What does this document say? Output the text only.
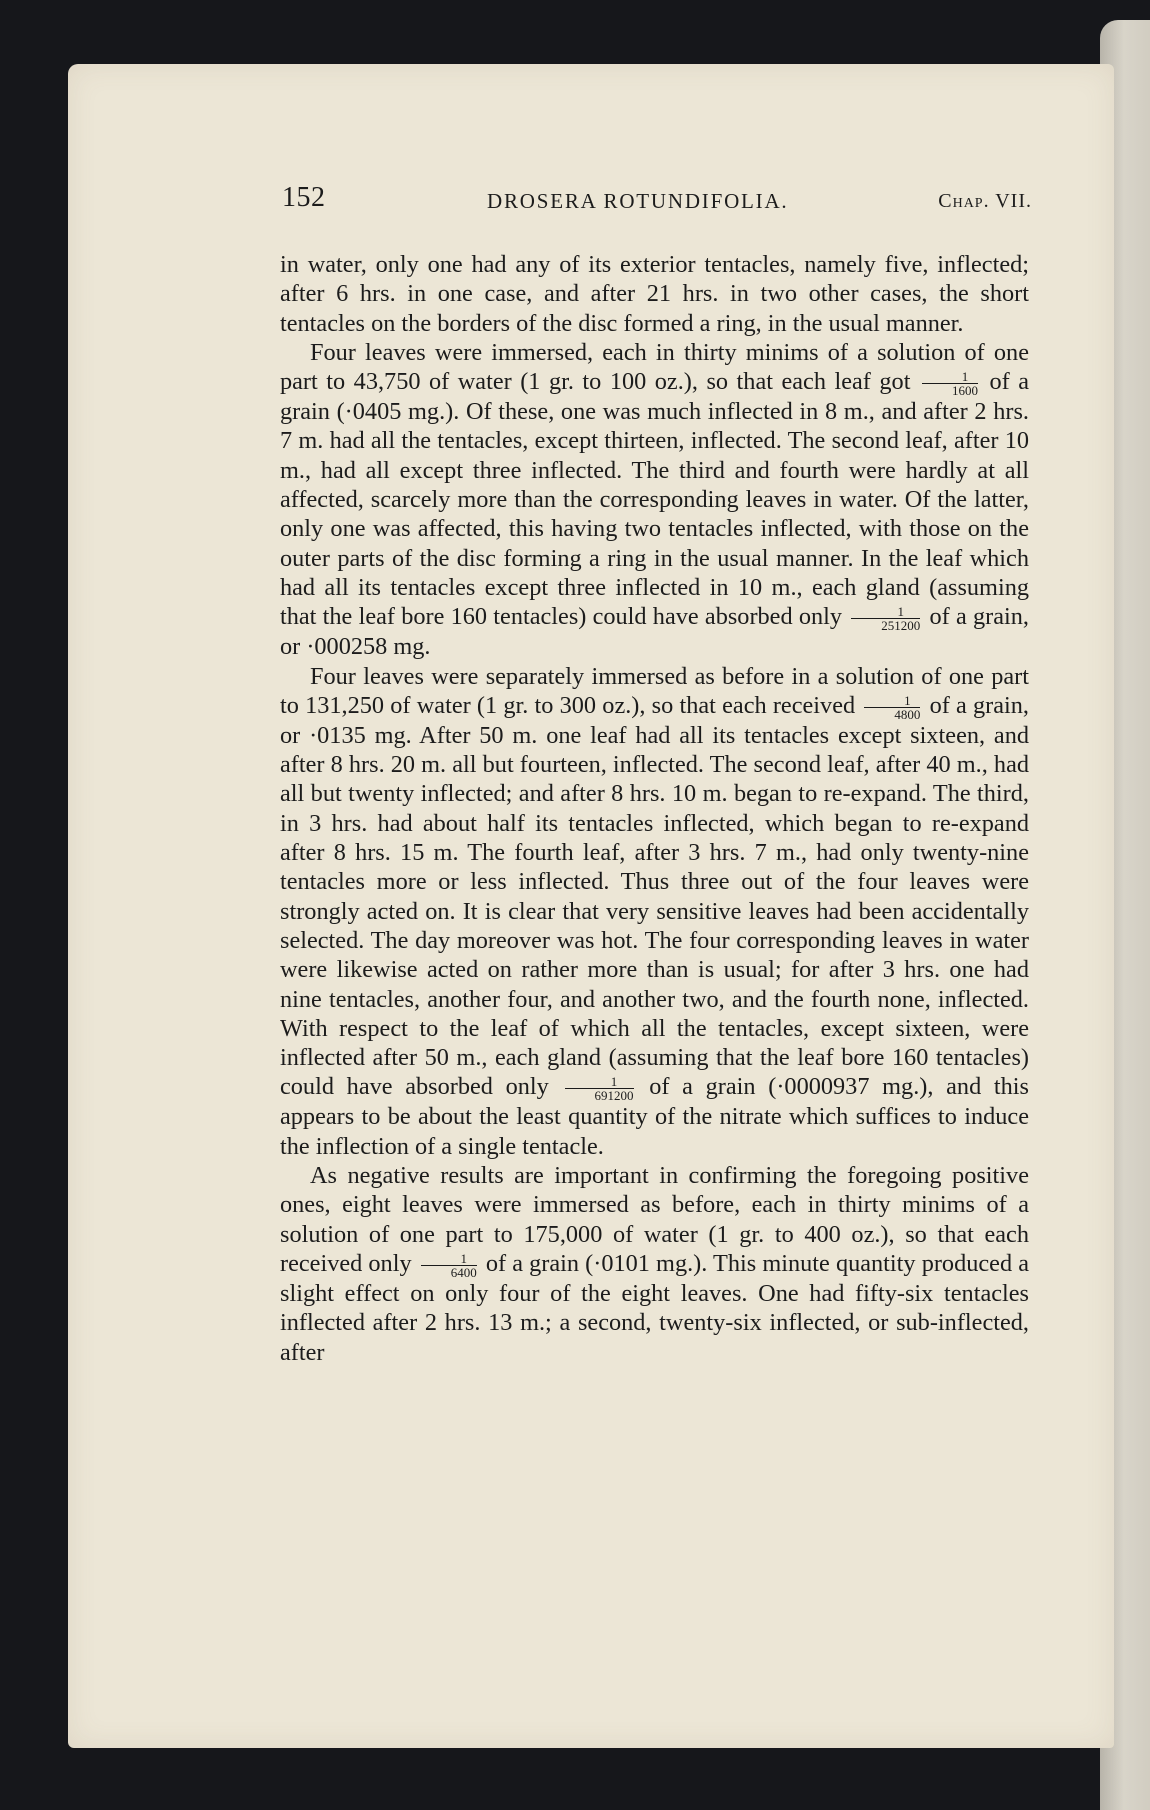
152	DROSERA ROTUNDIFOLIA.	Chap. VII.

in water, only one had any of its exterior tentacles, namely five, inflected; after 6 hrs. in one case, and after 21 hrs. in two other cases, the short tentacles on the borders of the disc formed a ring, in the usual manner.

Four leaves were immersed, each in thirty minims of a solution of one part to 43,750 of water (1 gr. to 100 oz.), so that each leaf got $\frac{1}{1600}$ of a grain (·0405 mg.). Of these, one was much inflected in 8 m., and after 2 hrs. 7 m. had all the tentacles, except thirteen, inflected. The second leaf, after 10 m., had all except three inflected. The third and fourth were hardly at all affected, scarcely more than the corresponding leaves in water. Of the latter, only one was affected, this having two tentacles inflected, with those on the outer parts of the disc forming a ring in the usual manner. In the leaf which had all its tentacles except three inflected in 10 m., each gland (assuming that the leaf bore 160 tentacles) could have absorbed only $\frac{1}{251200}$ of a grain, or ·000258 mg.

Four leaves were separately immersed as before in a solution of one part to 131,250 of water (1 gr. to 300 oz.), so that each received $\frac{1}{4800}$ of a grain, or ·0135 mg. After 50 m. one leaf had all its tentacles except sixteen, and after 8 hrs. 20 m. all but fourteen, inflected. The second leaf, after 40 m., had all but twenty inflected; and after 8 hrs. 10 m. began to re-expand. The third, in 3 hrs. had about half its tentacles inflected, which began to re-expand after 8 hrs. 15 m. The fourth leaf, after 3 hrs. 7 m., had only twenty-nine tentacles more or less inflected. Thus three out of the four leaves were strongly acted on. It is clear that very sensitive leaves had been accidentally selected. The day moreover was hot. The four corresponding leaves in water were likewise acted on rather more than is usual; for after 3 hrs. one had nine tentacles, another four, and another two, and the fourth none, inflected. With respect to the leaf of which all the tentacles, except sixteen, were inflected after 50 m., each gland (assuming that the leaf bore 160 tentacles) could have absorbed only $\frac{1}{691200}$ of a grain (·0000937 mg.), and this appears to be about the least quantity of the nitrate which suffices to induce the inflection of a single tentacle.

As negative results are important in confirming the foregoing positive ones, eight leaves were immersed as before, each in thirty minims of a solution of one part to 175,000 of water (1 gr. to 400 oz.), so that each received only $\frac{1}{6400}$ of a grain (·0101 mg.). This minute quantity produced a slight effect on only four of the eight leaves. One had fifty-six tentacles inflected after 2 hrs. 13 m.; a second, twenty-six inflected, or sub-inflected, after
